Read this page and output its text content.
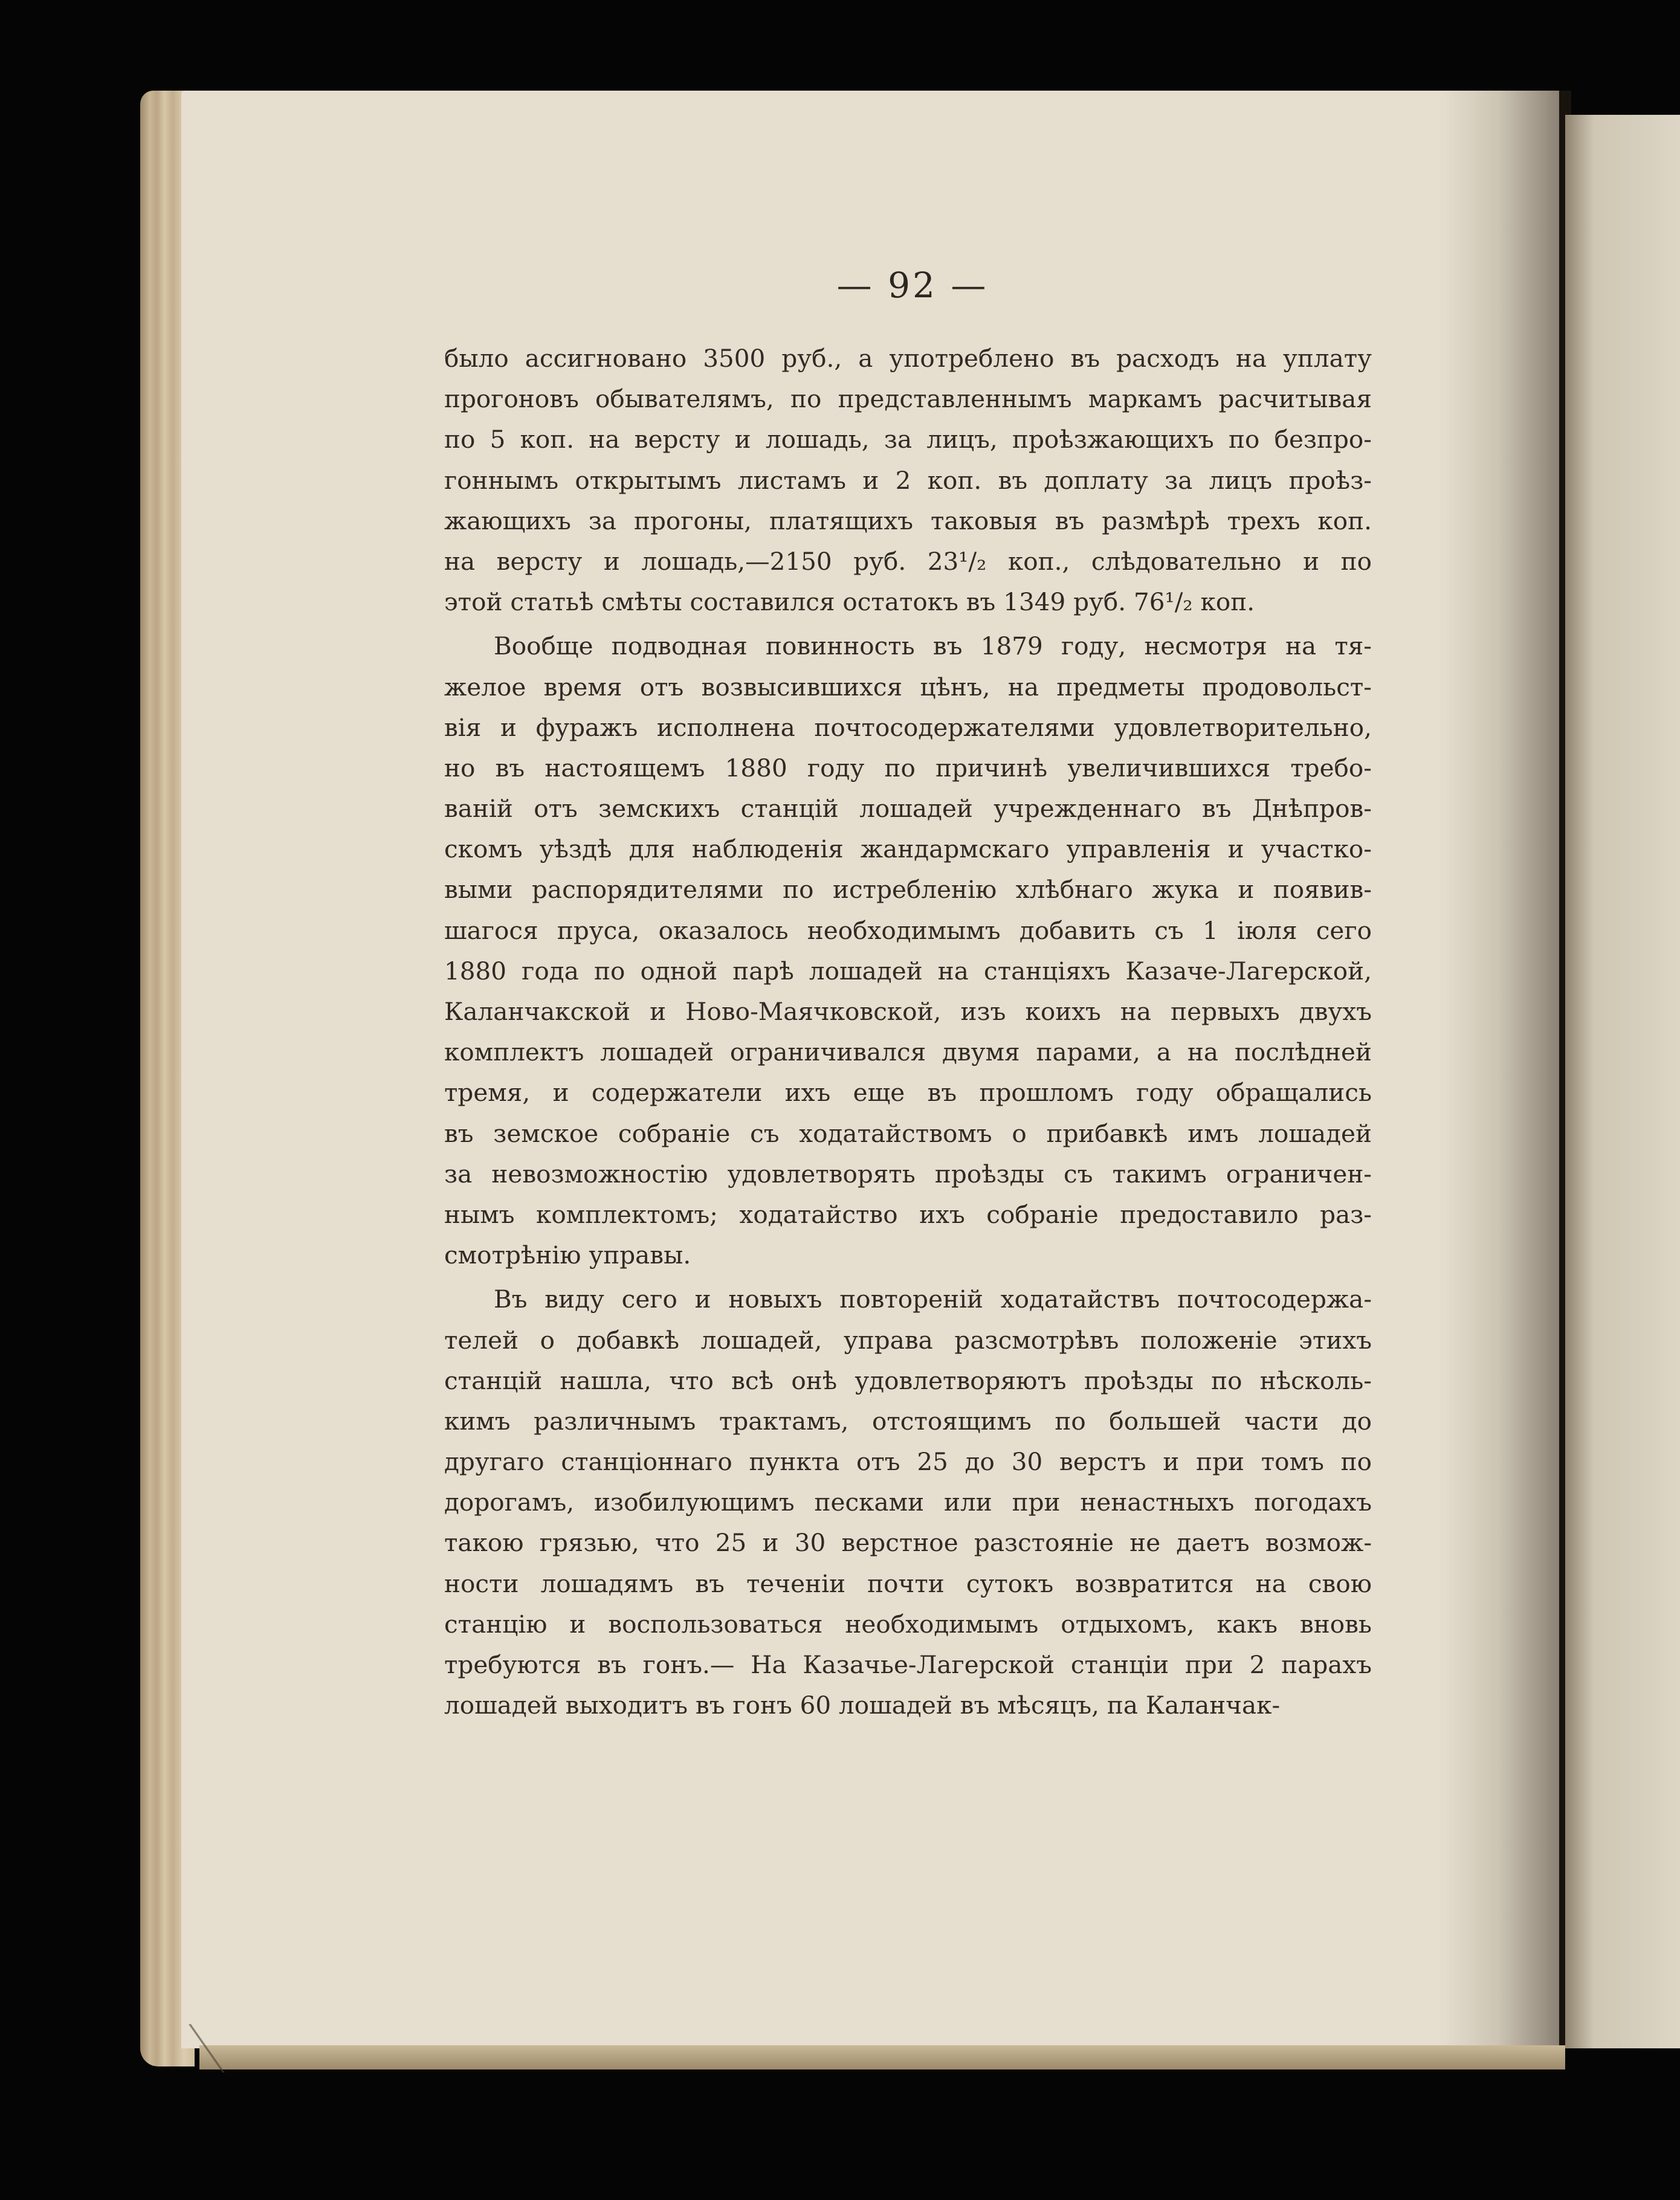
— 92 —
было ассигновано 3500 руб., а употреблено въ расходъ на уплату
прогоновъ обывателямъ, по представленнымъ маркамъ расчитывая
по 5 коп. на версту и лошадь, за лицъ, проѣзжающихъ по безпро-
гоннымъ открытымъ листамъ и 2 коп. въ доплату за лицъ проѣз-
жающихъ за прогоны, платящихъ таковыя въ размѣрѣ трехъ коп.
на версту и лошадь,—2150 руб. 23¹/₂ коп., слѣдовательно и по
этой статьѣ смѣты составился остатокъ въ 1349 руб. 76¹/₂ коп.
Вообще подводная повинность въ 1879 году, несмотря на тя-
желое время отъ возвысившихся цѣнъ, на предметы продовольст-
вія и фуражъ исполнена почтосодержателями удовлетворительно,
но въ настоящемъ 1880 году по причинѣ увеличившихся требо-
ваній отъ земскихъ станцій лошадей учрежденнаго въ Днѣпров-
скомъ уѣздѣ для наблюденія жандармскаго управленія и участко-
выми распорядителями по истребленію хлѣбнаго жука и появив-
шагося пруса, оказалось необходимымъ добавить съ 1 іюля сего
1880 года по одной парѣ лошадей на станціяхъ Казаче-Лагерской,
Каланчакской и Ново-Маячковской, изъ коихъ на первыхъ двухъ
комплектъ лошадей ограничивался двумя парами, а на послѣдней
тремя, и содержатели ихъ еще въ прошломъ году обращались
въ земское собраніе съ ходатайствомъ о прибавкѣ имъ лошадей
за невозможностію удовлетворять проѣзды съ такимъ ограничен-
нымъ комплектомъ; ходатайство ихъ собраніе предоставило раз-
смотрѣнію управы.
Въ виду сего и новыхъ повтореній ходатайствъ почтосодержа-
телей о добавкѣ лошадей, управа разсмотрѣвъ положеніе этихъ
станцій нашла, что всѣ онѣ удовлетворяютъ проѣзды по нѣсколь-
кимъ различнымъ трактамъ, отстоящимъ по большей части до
другаго станціоннаго пункта отъ 25 до 30 верстъ и при томъ по
дорогамъ, изобилующимъ песками или при ненастныхъ погодахъ
такою грязью, что 25 и 30 верстное разстояніе не даетъ возмож-
ности лошадямъ въ теченіи почти сутокъ возвратится на свою
станцію и воспользоваться необходимымъ отдыхомъ, какъ вновь
требуются въ гонъ.— На Казачье-Лагерской станціи при 2 парахъ
лошадей выходитъ въ гонъ 60 лошадей въ мѣсяцъ, па Каланчак-
